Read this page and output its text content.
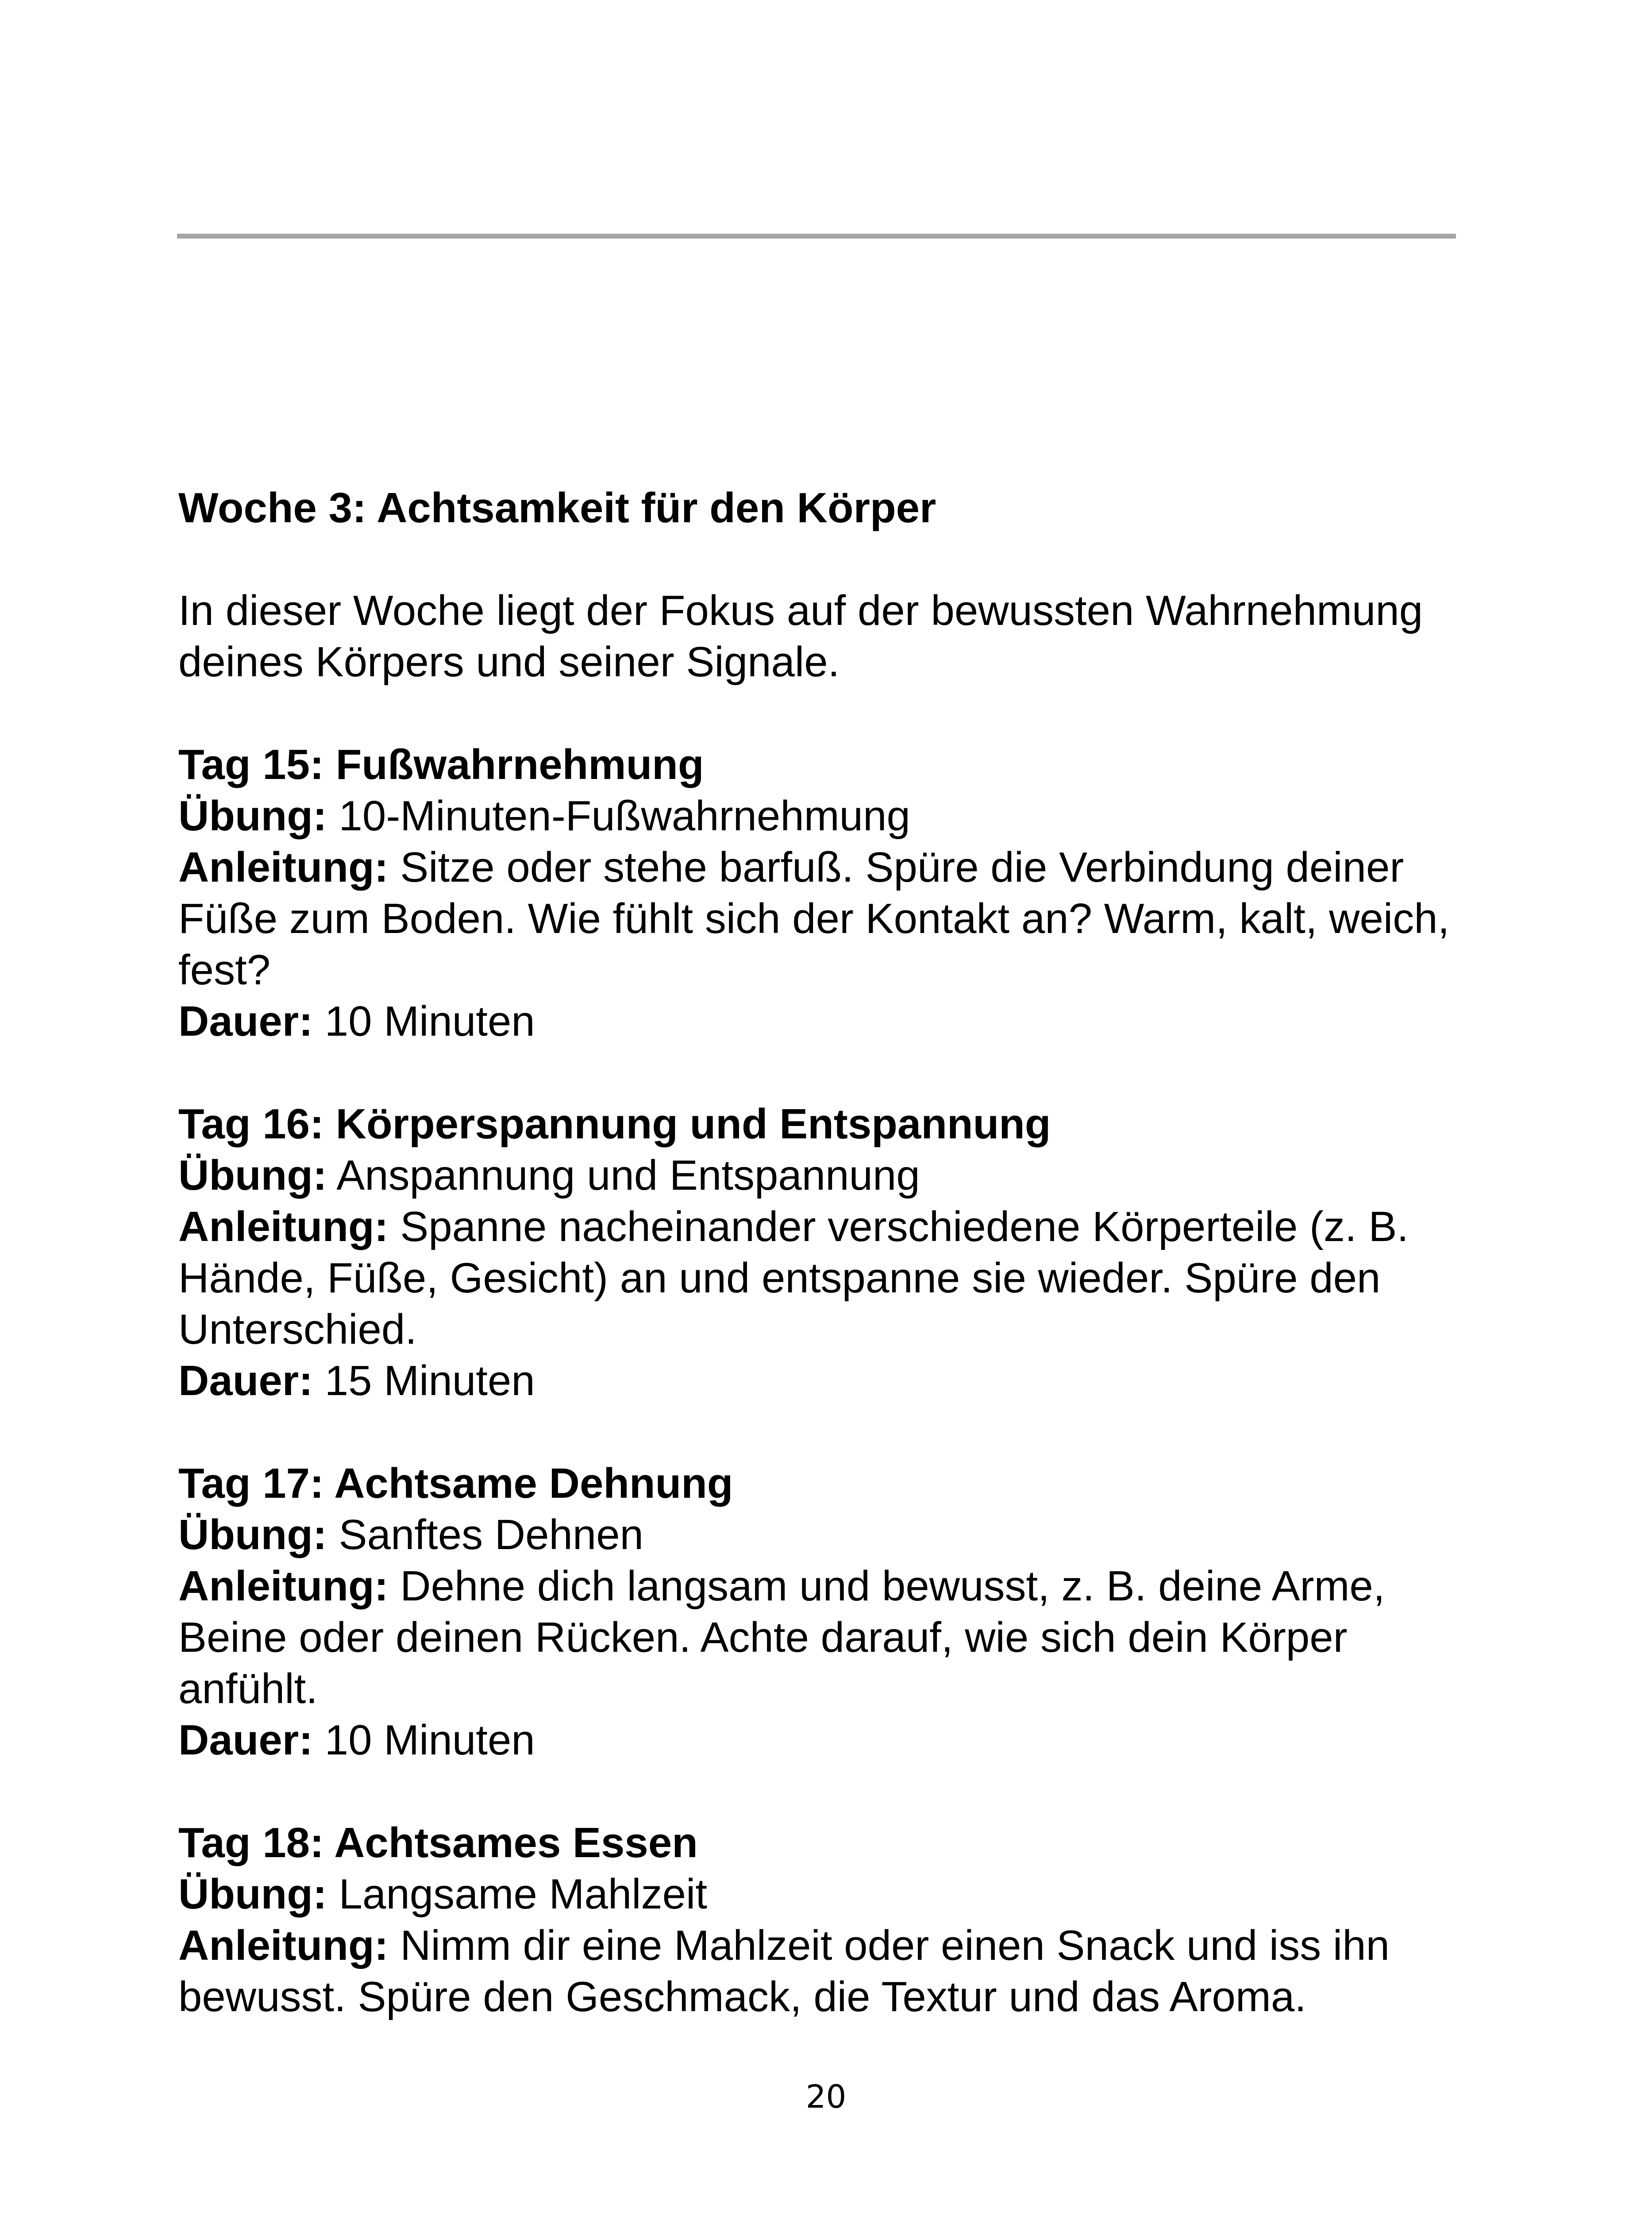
Woche 3: Achtsamkeit für den Körper

In dieser Woche liegt der Fokus auf der bewussten Wahrnehmung deines Körpers und seiner Signale.

Tag 15: Fußwahrnehmung

Übung: 10-Minuten-Fußwahrnehmung

Anleitung: Sitze oder stehe barfuß. Spüre die Verbindung deiner Füße zum Boden. Wie fühlt sich der Kontakt an? Warm, kalt, weich, fest?

Dauer: 10 Minuten

Tag 16: Körperspannung und Entspannung

Übung: Anspannung und Entspannung

Anleitung: Spanne nacheinander verschiedene Körperteile (z. B. Hände, Füße, Gesicht) an und entspanne sie wieder. Spüre den Unterschied.

Dauer: 15 Minuten

Tag 17: Achtsame Dehnung

Übung: Sanftes Dehnen

Anleitung: Dehne dich langsam und bewusst, z. B. deine Arme, Beine oder deinen Rücken. Achte darauf, wie sich dein Körper anfühlt.

Dauer: 10 Minuten

Tag 18: Achtsames Essen

Übung: Langsame Mahlzeit

Anleitung: Nimm dir eine Mahlzeit oder einen Snack und iss ihn bewusst. Spüre den Geschmack, die Textur und das Aroma.

20
